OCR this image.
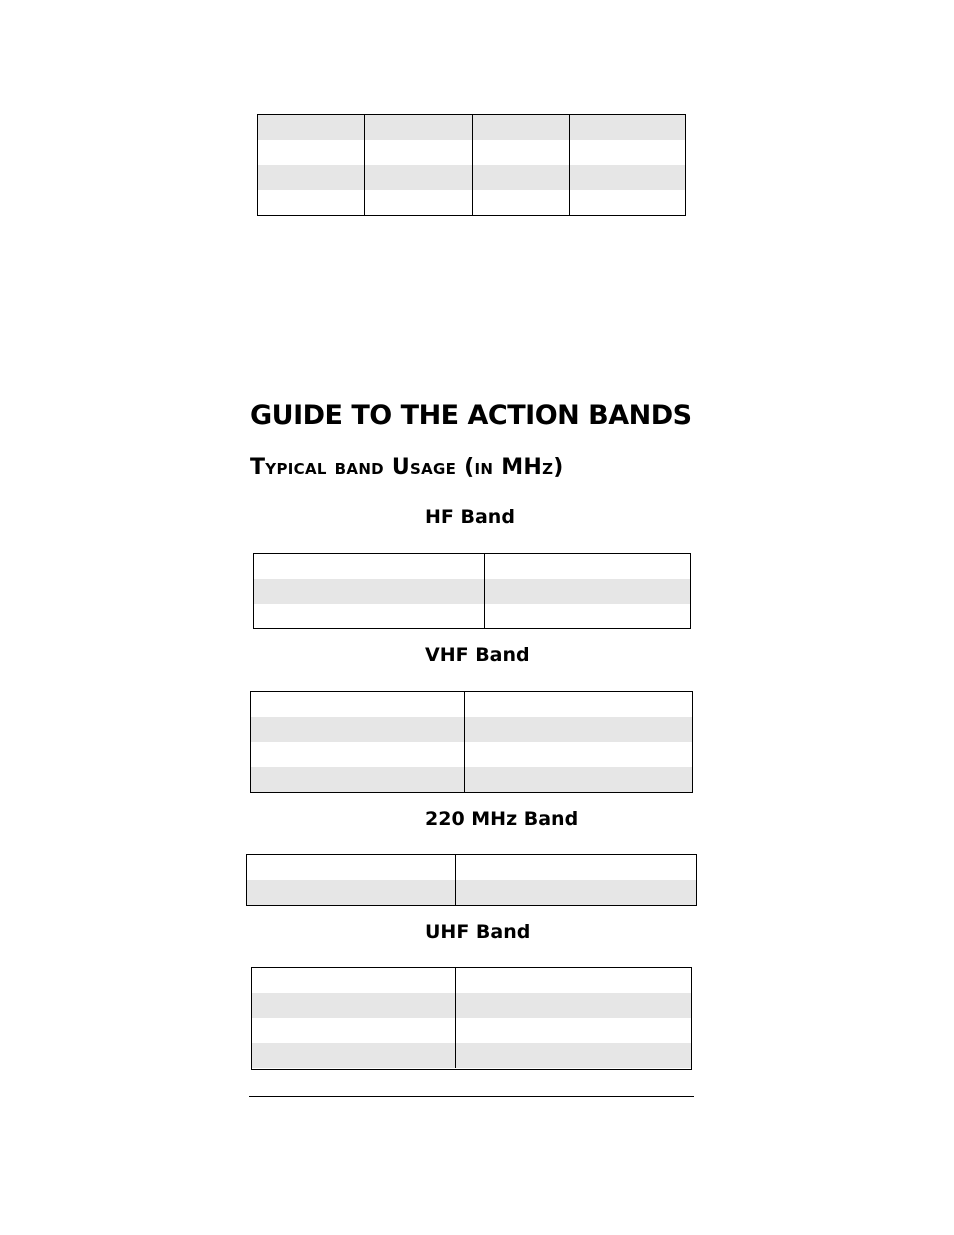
GUIDE TO THE ACTION BANDS
Typical band Usage (in MHz)
HF Band
VHF Band
220 MHz Band
UHF Band
